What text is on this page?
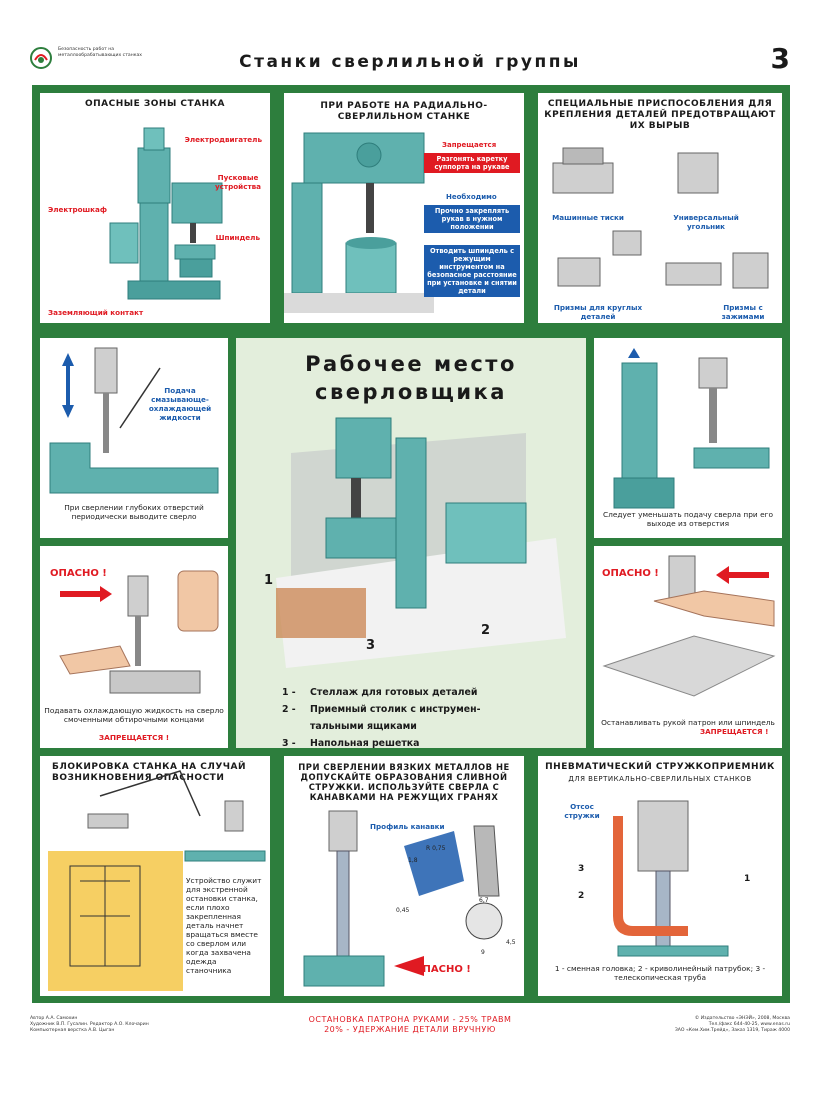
Безопасность работ на металлообрабатывающих станках	Станки сверлильной группы	3
ОПАСНЫЕ ЗОНЫ СТАНКА
Электродвигатель
Пусковые устройства
Электрошкаф
Шпиндель
Заземляющий контакт
ПРИ РАБОТЕ НА РАДИАЛЬНО-СВЕРЛИЛЬНОМ СТАНКЕ
Запрещается
Разгонять каретку суппорта на рукаве
Необходимо
Прочно закреплять рукав в нужном положении
Отводить шпиндель с режущим инструментом на безопасное расстояние при установке и снятии детали
СПЕЦИАЛЬНЫЕ ПРИСПОСОБЛЕНИЯ ДЛЯ КРЕПЛЕНИЯ ДЕТАЛЕЙ ПРЕДОТВРАЩАЮТ ИХ ВЫРЫВ
Машинные тиски	Универсальный угольник
Призмы для круглых деталей
Призмы с зажимами
Подача смазывающе-охлаждающей жидкости
При сверлении глубоких отверстий периодически выводите сверло
Рабочее место
сверловщика
1
2
3
1 -	Стеллаж для готовых деталей
2 -	Приемный столик с инструмен-
тальными ящиками
3 -	Напольная решетка
Следует уменьшать подачу сверла при его выходе из отверстия
ОПАСНО !
Подавать охлаждающую жидкость на сверло смоченными обтирочными концами
ЗАПРЕЩАЕТСЯ !
ОПАСНО !
Останавливать рукой патрон или шпиндель
ЗАПРЕЩАЕТСЯ !
БЛОКИРОВКА СТАНКА НА СЛУЧАЙ ВОЗНИКНОВЕНИЯ ОПАСНОСТИ
Устройство служит для экстренной остановки станка, если плохо закрепленная деталь начнет вращаться вместе со сверлом или когда захвачена одежда станочника
ПРИ СВЕРЛЕНИИ ВЯЗКИХ МЕТАЛЛОВ НЕ ДОПУСКАЙТЕ ОБРАЗОВАНИЯ СЛИВНОЙ СТРУЖКИ. ИСПОЛЬЗУЙТЕ СВЕРЛА С КАНАВКАМИ НА РЕЖУЩИХ ГРАНЯХ
Профиль канавки
ОПАСНО !
R 0,75
1,8
0,45
6,7
4,5
9
ПНЕВМАТИЧЕСКИЙ СТРУЖКОПРИЕМНИК
ДЛЯ ВЕРТИКАЛЬНО-СВЕРЛИЛЬНЫХ СТАНКОВ
Отсос стружки
3
2
1
1 - сменная головка; 2 - криволинейный патрубок; 3 - телескопическая труба
Автор А.А. Самохин
Художник В.П. Гусалин. Редактор А.О. Клочарин
Компьютерная верстка А.В. Цыган
ОСТАНОВКА ПАТРОНА РУКАМИ - 25% ТРАВМ
20% - УДЕРЖАНИЕ ДЕТАЛИ ВРУЧНУЮ
© Издательство «ЭНЭЙ», 2008, Москва
Тел./факс 644-40-25, www.enas.ru
ЗАО «Кем.Хим.Трейд», Заказ 1319, Тираж 4000
